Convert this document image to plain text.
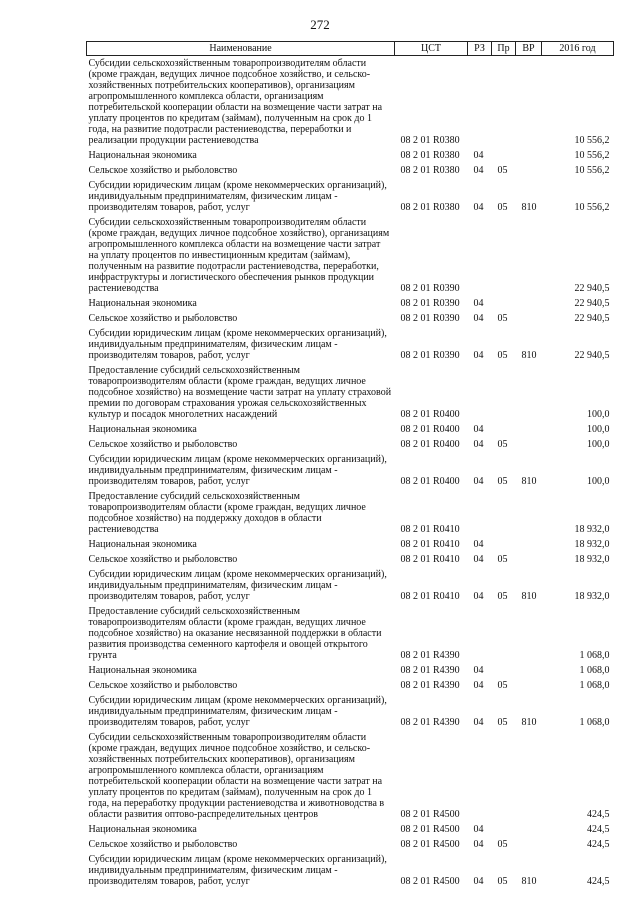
272
Наименование	ЦСТ	РЗ	Пр	ВР	2016 год
Субсидии сельскохозяйственным товаропроизводителям области (кроме граждан, ведущих личное подсобное хозяйство, и сельско-хозяйственных потребительских кооперативов), организациям агропромышленного комплекса области, организациям потребительской кооперации области на возмещение части затрат на уплату процентов по кредитам (займам), полученным на срок до 1 года, на развитие подотрасли растениеводства, переработки и реализации продукции растениеводства	08 2 01 R0380				10 556,2
Национальная экономика	08 2 01 R0380	04			10 556,2
Сельское хозяйство и рыболовство	08 2 01 R0380	04	05		10 556,2
Субсидии юридическим лицам (кроме некоммерческих организаций), индивидуальным предпринимателям, физическим лицам - производителям товаров, работ, услуг	08 2 01 R0380	04	05	810	10 556,2
Субсидии сельскохозяйственным товаропроизводителям области (кроме граждан, ведущих личное подсобное хозяйство), организациям агропромышленного комплекса области на возмещение части затрат на уплату процентов по инвестиционным кредитам (займам), полученным на развитие подотрасли растениеводства, переработки, инфраструктуры и логистического обеспечения рынков продукции растениеводства	08 2 01 R0390				22 940,5
Национальная экономика	08 2 01 R0390	04			22 940,5
Сельское хозяйство и рыболовство	08 2 01 R0390	04	05		22 940,5
Субсидии юридическим лицам (кроме некоммерческих организаций), индивидуальным предпринимателям, физическим лицам - производителям товаров, работ, услуг	08 2 01 R0390	04	05	810	22 940,5
Предоставление субсидий сельскохозяйственным товаропроизводителям области (кроме граждан, ведущих личное подсобное хозяйство) на возмещение части затрат на уплату страховой премии по договорам страхования урожая сельскохозяйственных культур и посадок многолетних насаждений	08 2 01 R0400				100,0
Национальная экономика	08 2 01 R0400	04			100,0
Сельское хозяйство и рыболовство	08 2 01 R0400	04	05		100,0
Субсидии юридическим лицам (кроме некоммерческих организаций), индивидуальным предпринимателям, физическим лицам - производителям товаров, работ, услуг	08 2 01 R0400	04	05	810	100,0
Предоставление субсидий сельскохозяйственным товаропроизводителям области (кроме граждан, ведущих личное подсобное хозяйство) на поддержку доходов в области растениеводства	08 2 01 R0410				18 932,0
Национальная экономика	08 2 01 R0410	04			18 932,0
Сельское хозяйство и рыболовство	08 2 01 R0410	04	05		18 932,0
Субсидии юридическим лицам (кроме некоммерческих организаций), индивидуальным предпринимателям, физическим лицам - производителям товаров, работ, услуг	08 2 01 R0410	04	05	810	18 932,0
Предоставление субсидий сельскохозяйственным товаропроизводителям области (кроме граждан, ведущих личное подсобное хозяйство) на оказание несвязанной поддержки в области развития производства семенного картофеля и овощей открытого грунта	08 2 01 R4390				1 068,0
Национальная экономика	08 2 01 R4390	04			1 068,0
Сельское хозяйство и рыболовство	08 2 01 R4390	04	05		1 068,0
Субсидии юридическим лицам (кроме некоммерческих организаций), индивидуальным предпринимателям, физическим лицам - производителям товаров, работ, услуг	08 2 01 R4390	04	05	810	1 068,0
Субсидии сельскохозяйственным товаропроизводителям области (кроме граждан, ведущих личное подсобное хозяйство, и сельско-хозяйственных потребительских кооперативов), организациям агропромышленного комплекса области, организациям потребительской кооперации области на возмещение части затрат на уплату процентов по кредитам (займам), полученным на срок до 1 года, на переработку продукции растениеводства и животноводства в области развития оптово-распределительных центров	08 2 01 R4500				424,5
Национальная экономика	08 2 01 R4500	04			424,5
Сельское хозяйство и рыболовство	08 2 01 R4500	04	05		424,5
Субсидии юридическим лицам (кроме некоммерческих организаций), индивидуальным предпринимателям, физическим лицам - производителям товаров, работ, услуг	08 2 01 R4500	04	05	810	424,5
